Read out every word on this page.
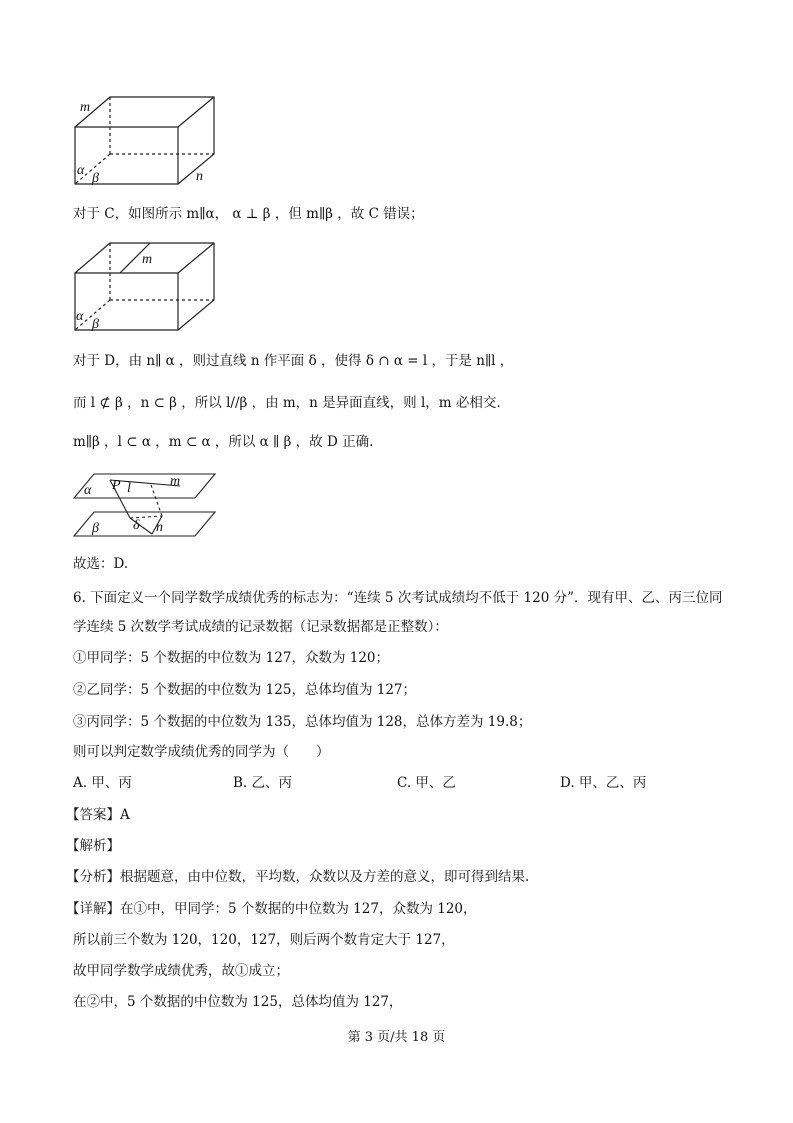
m
α
β	n
对于 C，如图所示 m∥α， α ⊥ β ，但 m∥β ，故 C 错误；
m
α
β
对于 D，由 n∥ α ，则过直线 n 作平面 δ ，使得 δ ∩ α = l ，于是 n∥l ，
而 l ⊄ β ，n ⊂ β ，所以 l//β ，由 m，n 是异面直线，则 l，m 必相交.
m∥β ，l ⊂ α ，m ⊂ α ，所以 α ∥ β ，故 D 正确.
α P l	m
β δ n
故选：D.
6. 下面定义一个同学数学成绩优秀的标志为：“连续 5 次考试成绩均不低于 120 分”．现有甲、乙、丙三位同
学连续 5 次数学考试成绩的记录数据（记录数据都是正整数）：
①甲同学：5 个数据的中位数为 127，众数为 120；
②乙同学：5 个数据的中位数为 125，总体均值为 127；
③丙同学：5 个数据的中位数为 135，总体均值为 128，总体方差为 19.8；
则可以判定数学成绩优秀的同学为（　　）
A. 甲、丙	B. 乙、丙	C. 甲、乙	D. 甲、乙、丙
【答案】A
【解析】
【分析】根据题意，由中位数，平均数，众数以及方差的意义，即可得到结果.
【详解】在①中，甲同学：5 个数据的中位数为 127，众数为 120，
所以前三个数为 120，120，127，则后两个数肯定大于 127，
故甲同学数学成绩优秀，故①成立；
在②中，5 个数据的中位数为 125，总体均值为 127，
第 3 页/共 18 页
